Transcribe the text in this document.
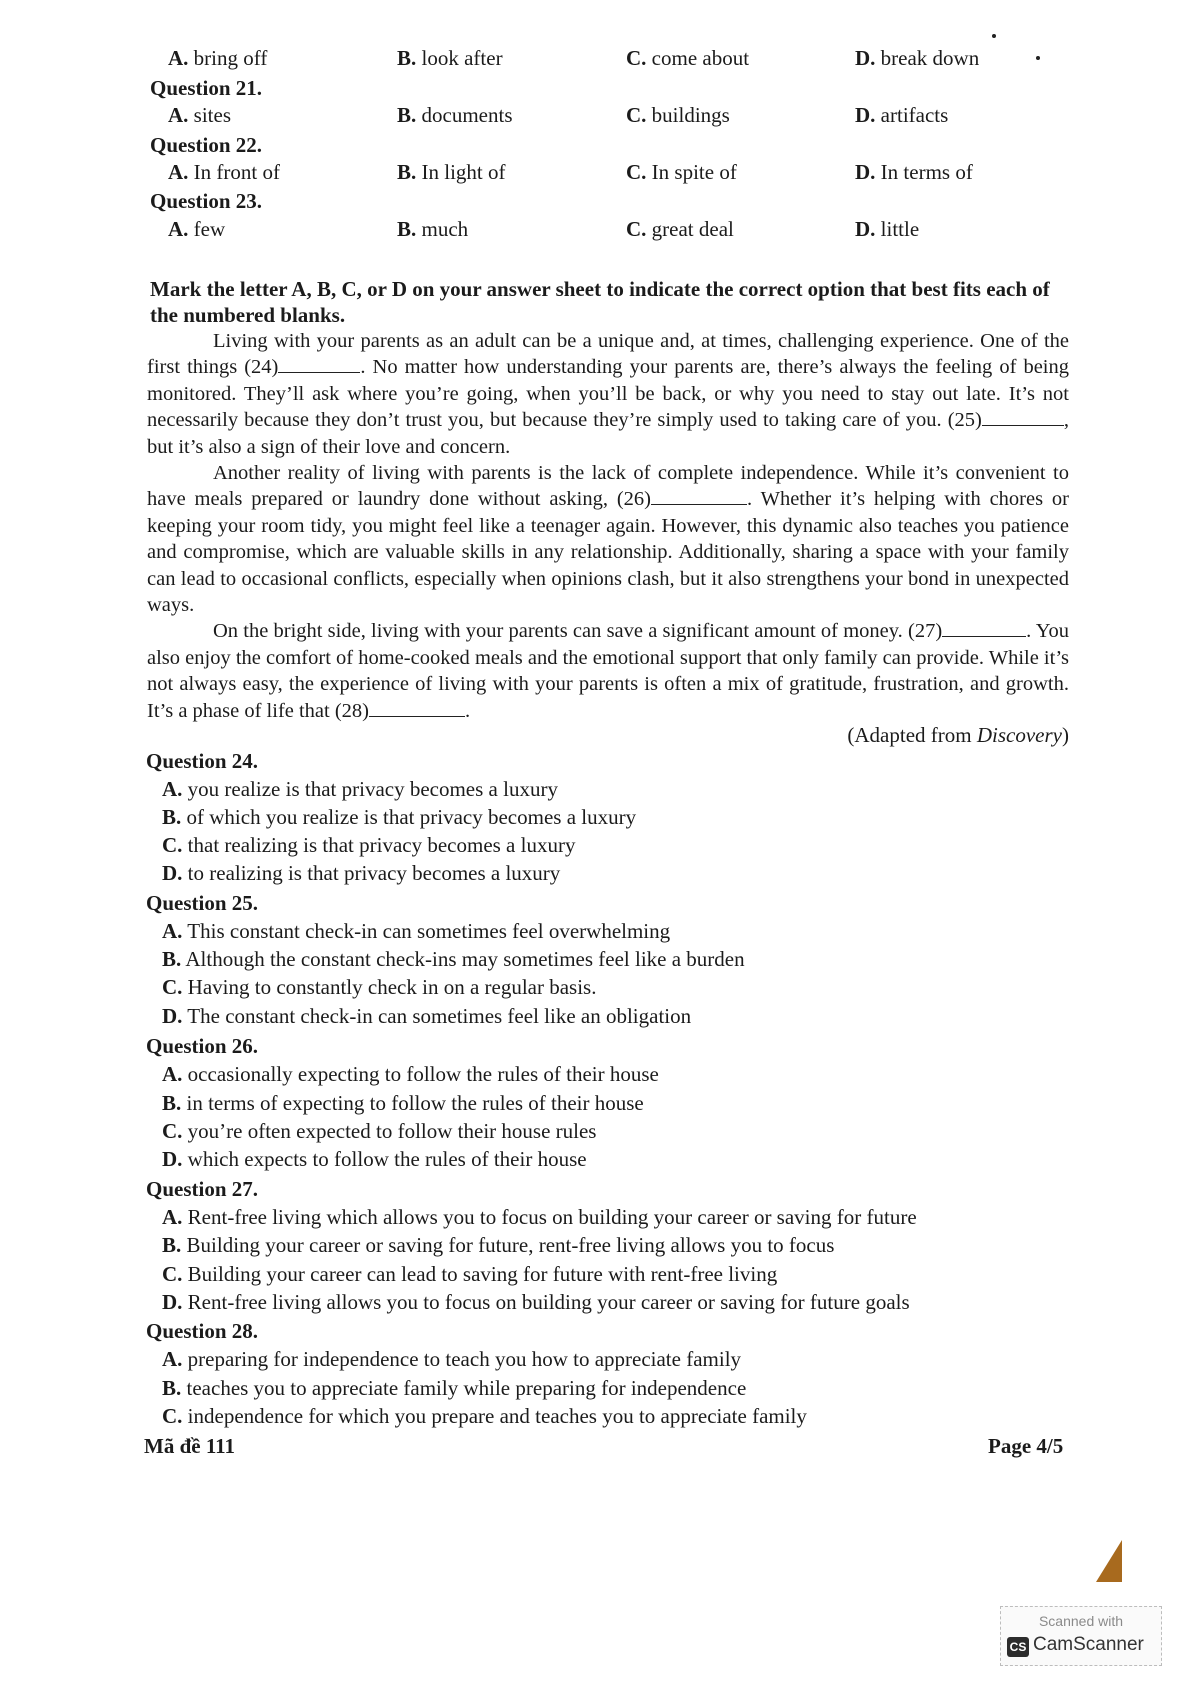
A. bring off	B. look after	C. come about	D. break down
Question 21.
A. sites	B. documents	C. buildings	D. artifacts
Question 22.
A. In front of	B. In light of	C. In spite of	D. In terms of
Question 23.
A. few	B. much	C. great deal	D. little
Mark the letter A, B, C, or D on your answer sheet to indicate the correct option that best fits each of the numbered blanks.

Living with your parents as an adult can be a unique and, at times, challenging experience. One of the first things (24)	. No matter how understanding your parents are, there’s always the feeling of being monitored. They’ll ask where you’re going, when you’ll be back, or why you need to stay out late. It’s not necessarily because they don’t trust you, but because they’re simply used to taking care of you. (25)	, but it’s also a sign of their love and concern.

Another reality of living with parents is the lack of complete independence. While it’s convenient to have meals prepared or laundry done without asking, (26)	. Whether it’s helping with chores or keeping your room tidy, you might feel like a teenager again. However, this dynamic also teaches you patience and compromise, which are valuable skills in any relationship. Additionally, sharing a space with your family can lead to occasional conflicts, especially when opinions clash, but it also strengthens your bond in unexpected ways.

On the bright side, living with your parents can save a significant amount of money. (27)	. You also enjoy the comfort of home-cooked meals and the emotional support that only family can provide. While it’s not always easy, the experience of living with your parents is often a mix of gratitude, frustration, and growth. It’s a phase of life that (28)	.

(Adapted from Discovery)
Question 24.
A. you realize is that privacy becomes a luxury
B. of which you realize is that privacy becomes a luxury
C. that realizing is that privacy becomes a luxury
D. to realizing is that privacy becomes a luxury
Question 25.
A. This constant check-in can sometimes feel overwhelming
B. Although the constant check-ins may sometimes feel like a burden
C. Having to constantly check in on a regular basis.
D. The constant check-in can sometimes feel like an obligation
Question 26.
A. occasionally expecting to follow the rules of their house
B. in terms of expecting to follow the rules of their house
C. you’re often expected to follow their house rules
D. which expects to follow the rules of their house
Question 27.
A. Rent-free living which allows you to focus on building your career or saving for future
B. Building your career or saving for future, rent-free living allows you to focus
C. Building your career can lead to saving for future with rent-free living
D. Rent-free living allows you to focus on building your career or saving for future goals
Question 28.
A. preparing for independence to teach you how to appreciate family
B. teaches you to appreciate family while preparing for independence
C. independence for which you prepare and teaches you to appreciate family
Mã đề 111	Page 4/5
Scanned with
CS CamScanner
